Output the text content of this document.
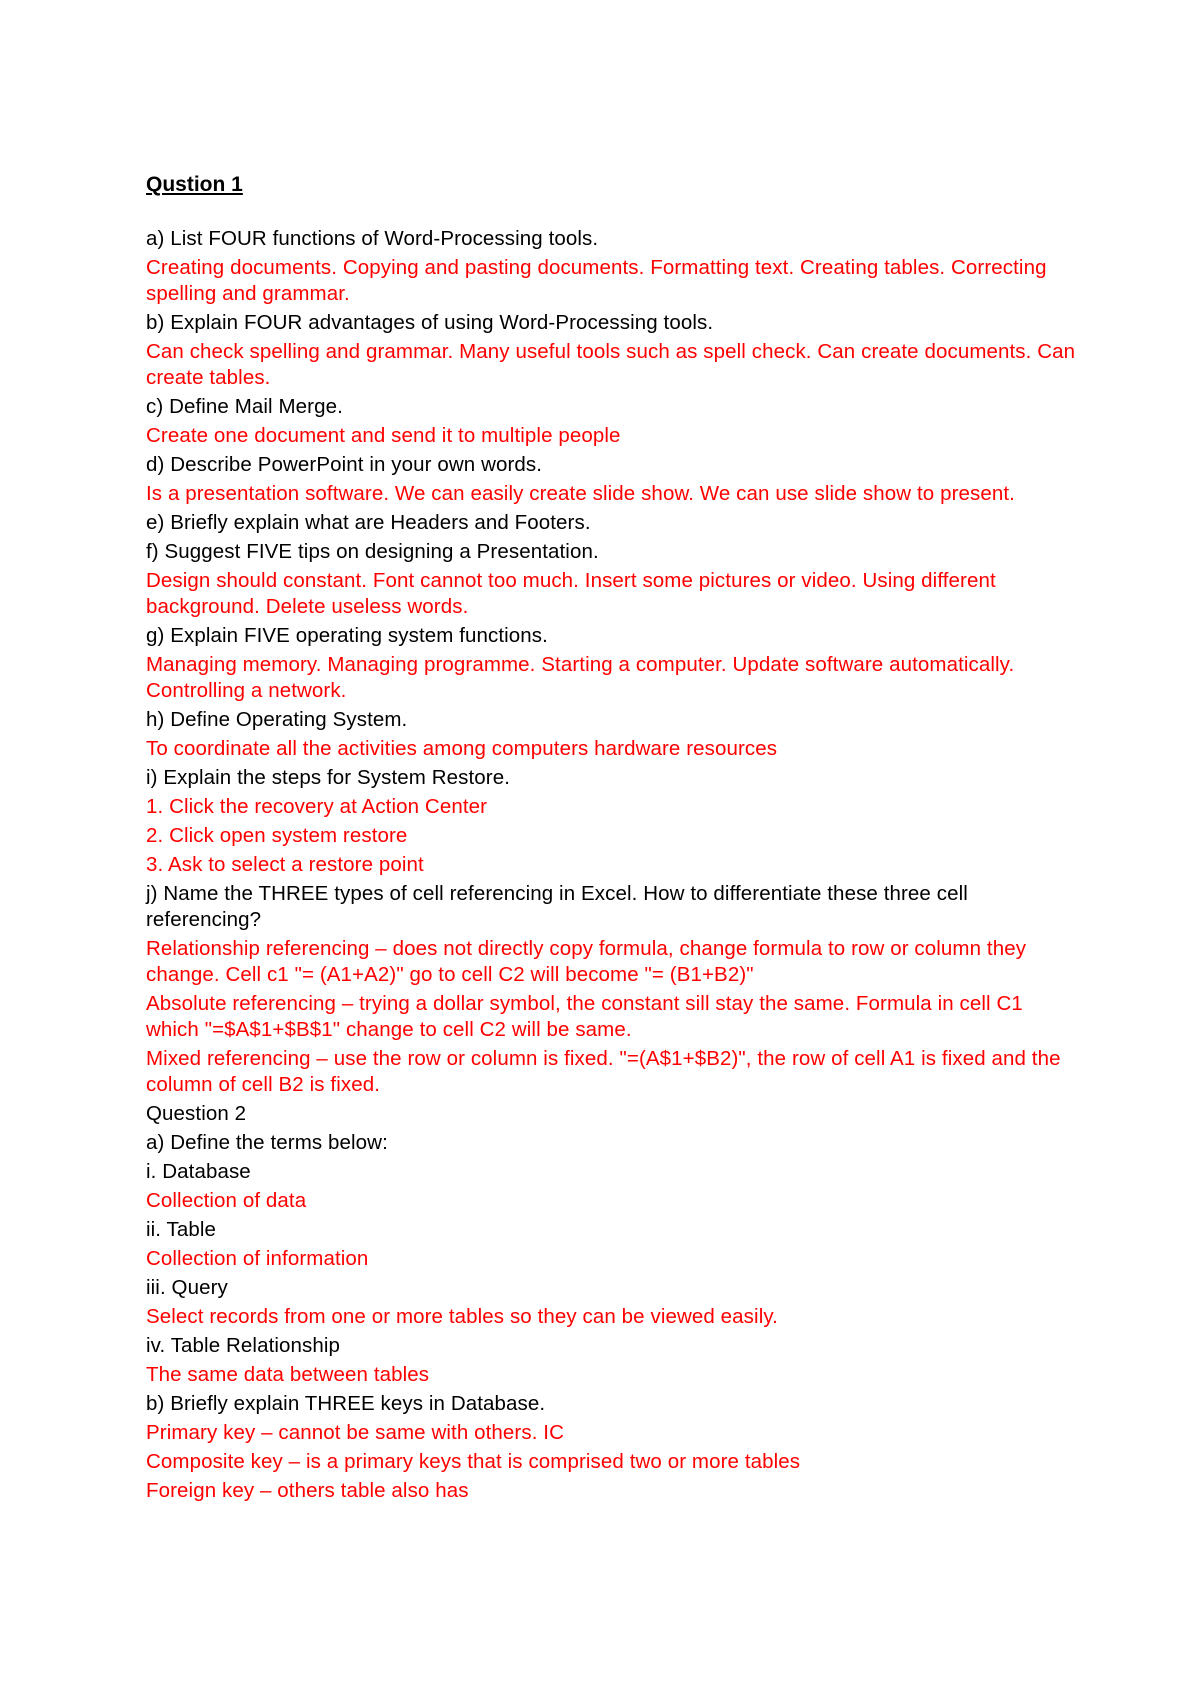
Qustion 1
a) List FOUR functions of Word-Processing tools.
Creating documents. Copying and pasting documents. Formatting text. Creating tables. Correcting spelling and grammar.
b) Explain FOUR advantages of using Word-Processing tools.
Can check spelling and grammar. Many useful tools such as spell check. Can create documents. Can create tables.
c) Define Mail Merge.
Create one document and send it to multiple people
d) Describe PowerPoint in your own words.
Is a presentation software. We can easily create slide show. We can use slide show to present.
e) Briefly explain what are Headers and Footers.
f) Suggest FIVE tips on designing a Presentation.
Design should constant. Font cannot too much. Insert some pictures or video. Using different background. Delete useless words.
g) Explain FIVE operating system functions.
Managing memory. Managing programme. Starting a computer. Update software automatically. Controlling a network.
h) Define Operating System.
To coordinate all the activities among computers hardware resources
i) Explain the steps for System Restore.
1. Click the recovery at Action Center
2. Click open system restore
3. Ask to select a restore point
j) Name the THREE types of cell referencing in Excel. How to differentiate these three cell referencing?
Relationship referencing – does not directly copy formula, change formula to row or column they change. Cell c1 "= (A1+A2)" go to cell C2 will become "= (B1+B2)"
Absolute referencing – trying a dollar symbol, the constant sill stay the same. Formula in cell C1 which "=$A$1+$B$1" change to cell C2 will be same.
Mixed referencing – use the row or column is fixed. "=(A$1+$B2)", the row of cell A1 is fixed and the column of cell B2 is fixed.
Question 2
a) Define the terms below:
i. Database
Collection of data
ii. Table
Collection of information
iii. Query
Select records from one or more tables so they can be viewed easily.
iv. Table Relationship
The same data between tables
b) Briefly explain THREE keys in Database.
Primary key – cannot be same with others. IC
Composite key – is a primary keys that is comprised two or more tables
Foreign key – others table also has
